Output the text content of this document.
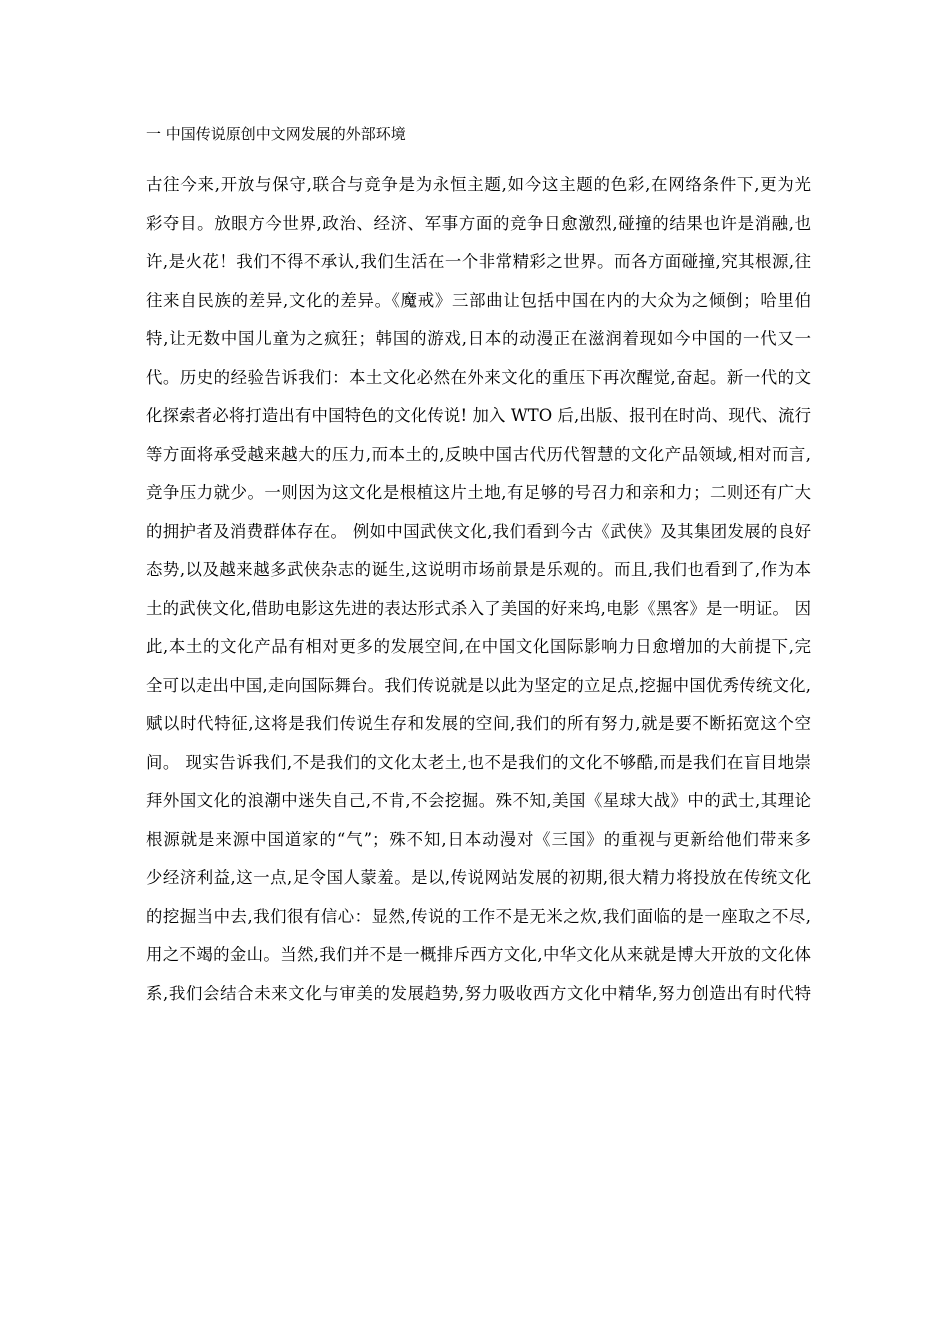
一 中国传说原创中文网发展的外部环境
古往今来,开放与保守,联合与竞争是为永恒主题,如今这主题的色彩,在网络条件下,更为光
彩夺目。放眼方今世界,政治、经济、军事方面的竞争日愈激烈,碰撞的结果也许是消融,也
许,是火花！我们不得不承认,我们生活在一个非常精彩之世界。而各方面碰撞,究其根源,往
往来自民族的差异,文化的差异。《魔戒》三部曲让包括中国在内的大众为之倾倒；哈里伯
特,让无数中国儿童为之疯狂；韩国的游戏,日本的动漫正在滋润着现如今中国的一代又一
代。历史的经验告诉我们：本土文化必然在外来文化的重压下再次醒觉,奋起。新一代的文
化探索者必将打造出有中国特色的文化传说! 加入 WTO 后,出版、报刊在时尚、现代、流行
等方面将承受越来越大的压力,而本土的,反映中国古代历代智慧的文化产品领域,相对而言,
竞争压力就少。一则因为这文化是根植这片土地,有足够的号召力和亲和力；二则还有广大
的拥护者及消费群体存在。 例如中国武侠文化,我们看到今古《武侠》及其集团发展的良好
态势,以及越来越多武侠杂志的诞生,这说明市场前景是乐观的。而且,我们也看到了,作为本
土的武侠文化,借助电影这先进的表达形式杀入了美国的好来坞,电影《黑客》是一明证。 因
此,本土的文化产品有相对更多的发展空间,在中国文化国际影响力日愈增加的大前提下,完
全可以走出中国,走向国际舞台。我们传说就是以此为坚定的立足点,挖掘中国优秀传统文化,
赋以时代特征,这将是我们传说生存和发展的空间,我们的所有努力,就是要不断拓宽这个空
间。 现实告诉我们,不是我们的文化太老土,也不是我们的文化不够酷,而是我们在盲目地崇
拜外国文化的浪潮中迷失自己,不肯,不会挖掘。殊不知,美国《星球大战》中的武士,其理论
根源就是来源中国道家的“气”；殊不知,日本动漫对《三国》的重视与更新给他们带来多
少经济利益,这一点,足令国人蒙羞。是以,传说网站发展的初期,很大精力将投放在传统文化
的挖掘当中去,我们很有信心：显然,传说的工作不是无米之炊,我们面临的是一座取之不尽,
用之不竭的金山。当然,我们并不是一概排斥西方文化,中华文化从来就是博大开放的文化体
系,我们会结合未来文化与审美的发展趋势,努力吸收西方文化中精华,努力创造出有时代特
